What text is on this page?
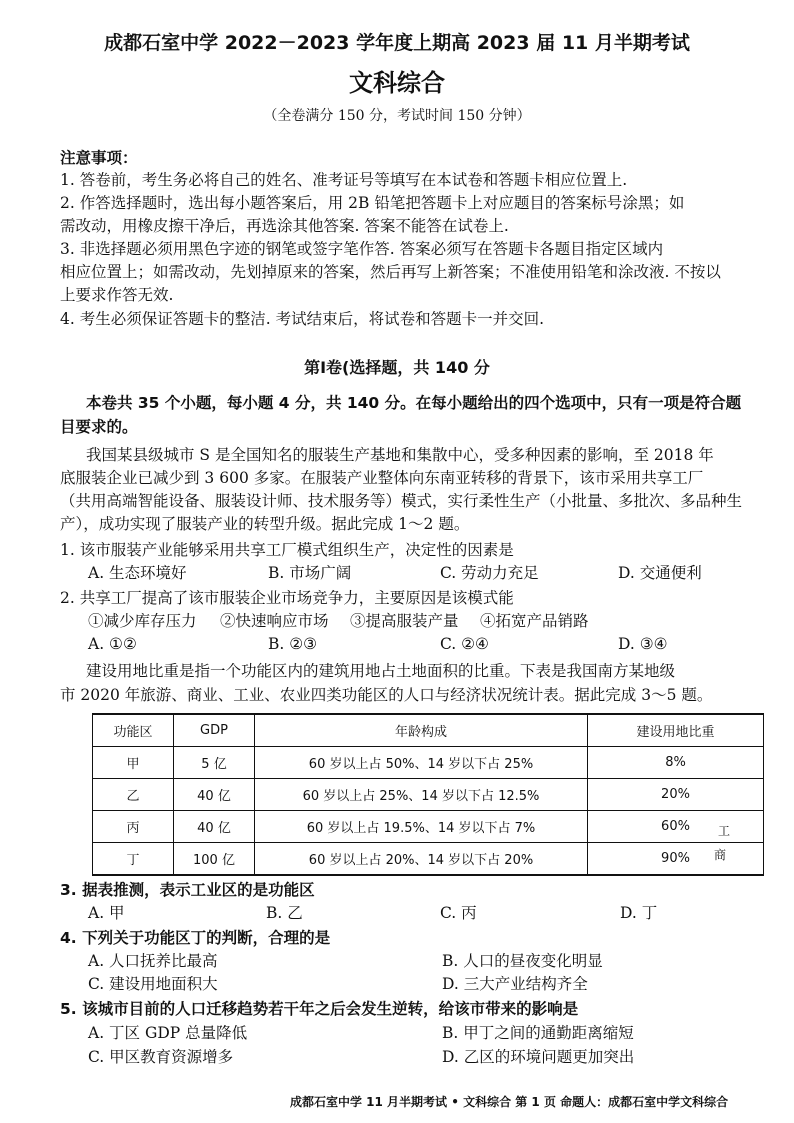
成都石室中学 2022－2023 学年度上期高 2023 届 11 月半期考试
文科综合
（全卷满分 150 分，考试时间 150 分钟）
注意事项：
1. 答卷前，考生务必将自己的姓名、准考证号等填写在本试卷和答题卡相应位置上.
2. 作答选择题时，选出每小题答案后，用 2B 铅笔把答题卡上对应题目的答案标号涂黑；如
需改动，用橡皮擦干净后，再选涂其他答案. 答案不能答在试卷上.
3. 非选择题必须用黑色字迹的钢笔或签字笔作答. 答案必须写在答题卡各题目指定区域内
相应位置上；如需改动，先划掉原来的答案，然后再写上新答案；不准使用铅笔和涂改液. 不按以
上要求作答无效.
4. 考生必须保证答题卡的整洁. 考试结束后，将试卷和答题卡一并交回.
第Ⅰ卷(选择题，共 140 分
本卷共 35 个小题，每小题 4 分，共 140 分。在每小题给出的四个选项中，只有一项是符合题
目要求的。
我国某县级城市 S 是全国知名的服装生产基地和集散中心，受多种因素的影响，至 2018 年
底服装企业已减少到 3 600 多家。在服装产业整体向东南亚转移的背景下，该市采用共享工厂
（共用高端智能设备、服装设计师、技术服务等）模式，实行柔性生产（小批量、多批次、多品种生
产），成功实现了服装产业的转型升级。据此完成 1～2 题。
1. 该市服装产业能够采用共享工厂模式组织生产，决定性的因素是
A. 生态环境好	B. 市场广阔	C. 劳动力充足	D. 交通便利
2. 共享工厂提高了该市服装企业市场竞争力，主要原因是该模式能
①减少库存压力 ②快速响应市场 ③提高服装产量 ④拓宽产品销路
A. ①②	B. ②③	C. ②④	D. ③④
建设用地比重是指一个功能区内的建筑用地占土地面积的比重。下表是我国南方某地级
市 2020 年旅游、商业、工业、农业四类功能区的人口与经济状况统计表。据此完成 3～5 题。
功能区	GDP	年龄构成	建设用地比重
甲	5 亿	60 岁以上占 50%、14 岁以下占 25%	8%
乙	40 亿	60 岁以上占 25%、14 岁以下占 12.5%	20%
丙	40 亿	60 岁以上占 19.5%、14 岁以下占 7%	60%
丁	100 亿	60 岁以上占 20%、14 岁以下占 20%	90%
工
商
3. 据表推测，表示工业区的是功能区
A. 甲	B. 乙	C. 丙	D. 丁
4. 下列关于功能区丁的判断，合理的是
A. 人口抚养比最高	B. 人口的昼夜变化明显
C. 建设用地面积大	D. 三大产业结构齐全
5. 该城市目前的人口迁移趋势若干年之后会发生逆转，给该市带来的影响是
A. 丁区 GDP 总量降低	B. 甲丁之间的通勤距离缩短
C. 甲区教育资源增多	D. 乙区的环境问题更加突出
成都石室中学 11 月半期考试 • 文科综合 第 1 页 命题人：成都石室中学文科综合
